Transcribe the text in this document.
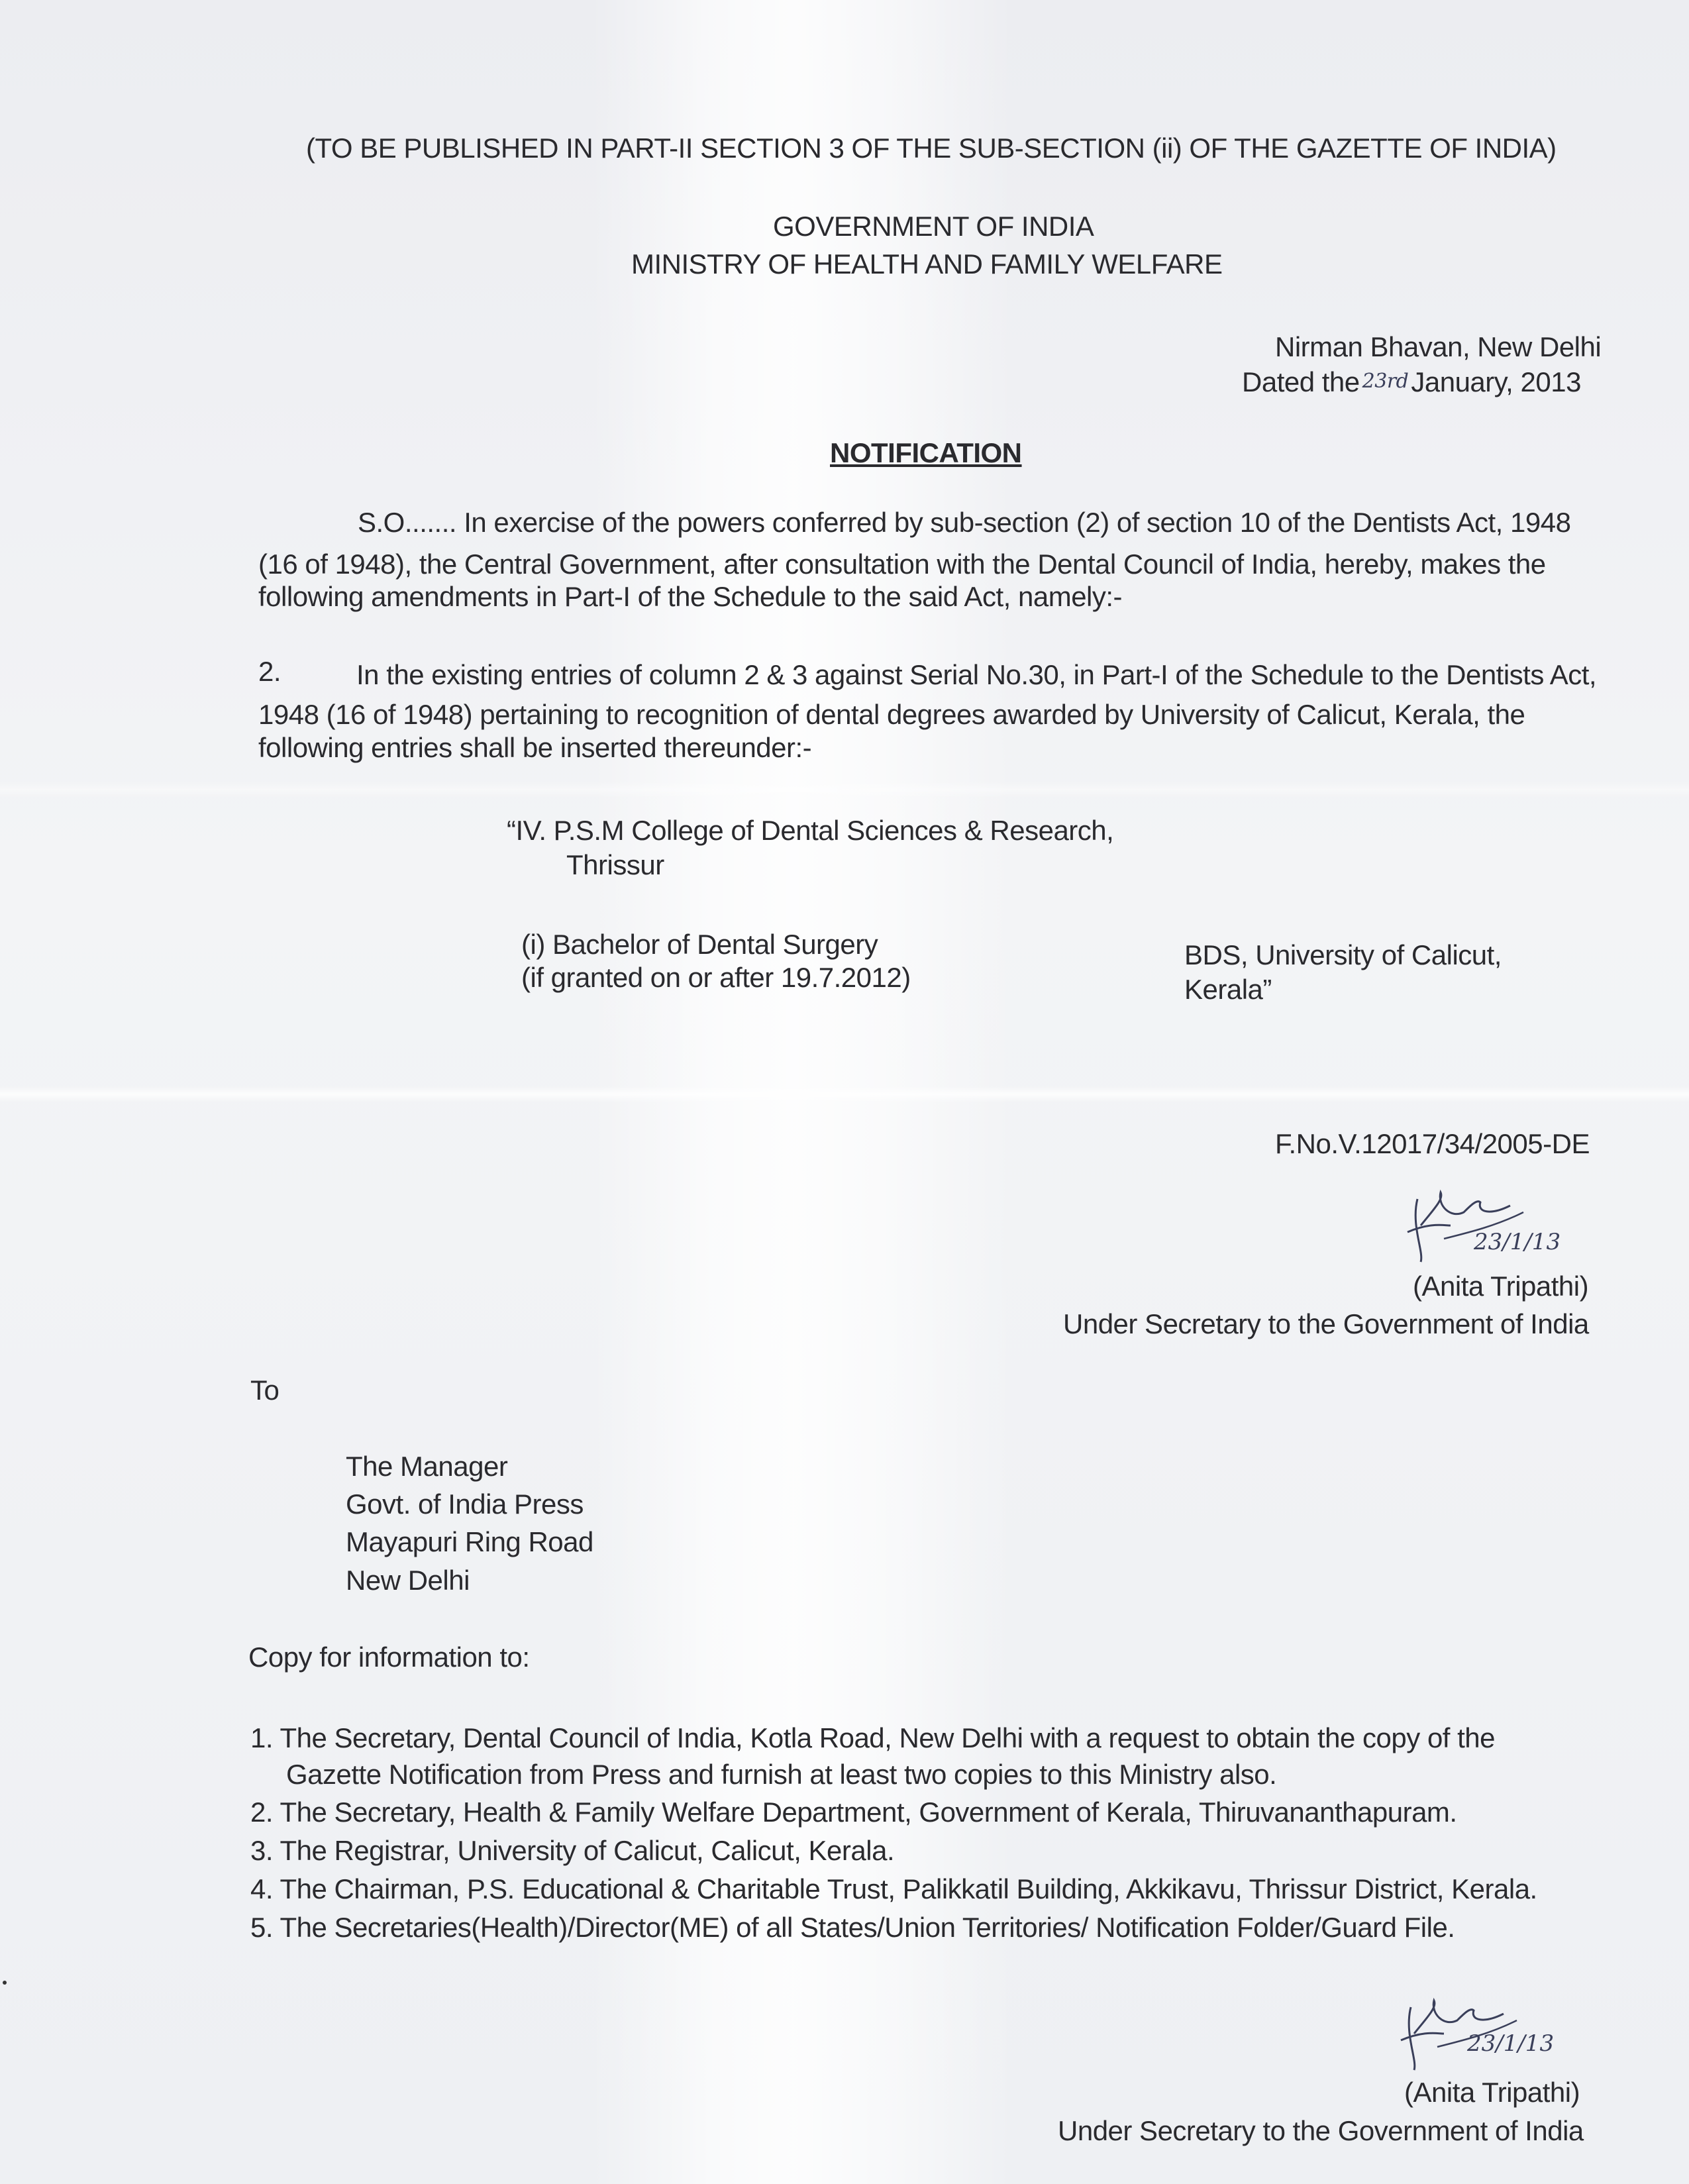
(TO BE PUBLISHED IN PART-II SECTION 3 OF THE SUB-SECTION (ii) OF THE GAZETTE OF INDIA)
GOVERNMENT OF INDIA
MINISTRY OF HEALTH AND FAMILY WELFARE
Nirman Bhavan, New Delhi
Dated the 23rdJanuary, 2013
NOTIFICATION
S.O....... In exercise of the powers conferred by sub-section (2) of section 10 of the Dentists Act, 1948
(16 of 1948), the Central Government, after consultation with the Dental Council of India, hereby, makes the
following amendments in Part-I of the Schedule to the said Act, namely:-
2.	In the existing entries of column 2 & 3 against Serial No.30, in Part-I of the Schedule to the Dentists Act,
1948 (16 of 1948) pertaining to recognition of dental degrees awarded by University of Calicut, Kerala, the
following entries shall be inserted thereunder:-
“IV. P.S.M College of Dental Sciences & Research,
Thrissur
(i) Bachelor of Dental Surgery
(if granted on or after 19.7.2012)
BDS, University of Calicut,
Kerala”
F.No.V.12017/34/2005-DE
23/1/13
(Anita Tripathi)
Under Secretary to the Government of India
To
The Manager
Govt. of India Press
Mayapuri Ring Road
New Delhi
Copy for information to:
1. The Secretary, Dental Council of India, Kotla Road, New Delhi with a request to obtain the copy of the
Gazette Notification from Press and furnish at least two copies to this Ministry also.
2. The Secretary, Health & Family Welfare Department, Government of Kerala, Thiruvananthapuram.
3. The Registrar, University of Calicut, Calicut, Kerala.
4. The Chairman, P.S. Educational & Charitable Trust, Palikkatil Building, Akkikavu, Thrissur District, Kerala.
5. The Secretaries(Health)/Director(ME) of all States/Union Territories/ Notification Folder/Guard File.
23/1/13
(Anita Tripathi)
Under Secretary to the Government of India
